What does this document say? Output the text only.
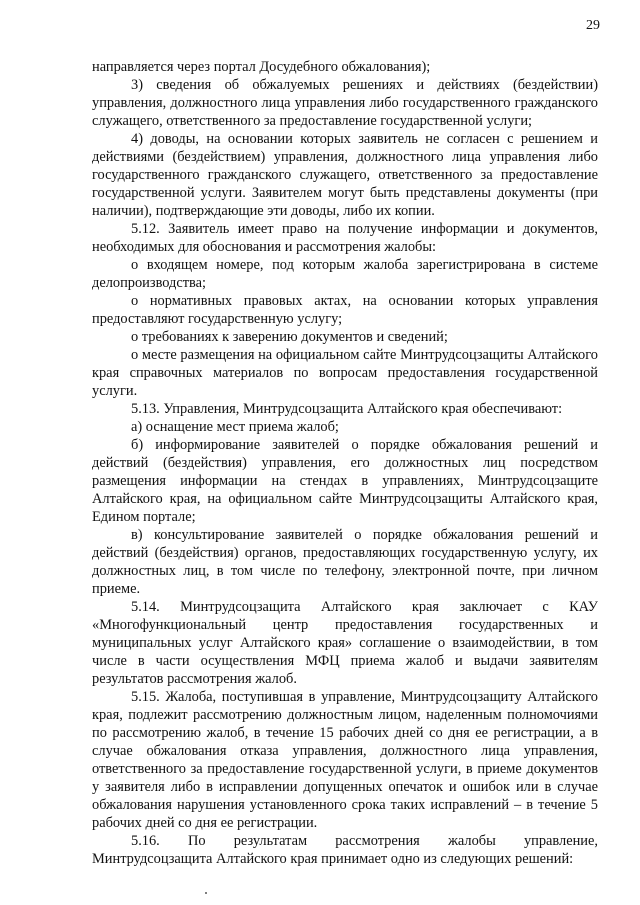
29

направляется через портал Досудебного обжалования);

3) сведения об обжалуемых решениях и действиях (бездействии) управления, должностного лица управления либо государственного гражданского служащего, ответственного за предоставление государственной услуги;

4) доводы, на основании которых заявитель не согласен с решением и действиями (бездействием) управления, должностного лица управления либо государственного гражданского служащего, ответственного за предоставление государственной услуги. Заявителем могут быть представлены документы (при наличии), подтверждающие эти доводы, либо их копии.

5.12. Заявитель имеет право на получение информации и документов, необходимых для обоснования и рассмотрения жалобы:

о входящем номере, под которым жалоба зарегистрирована в системе делопроизводства;

о нормативных правовых актах, на основании которых управления предоставляют государственную услугу;

о требованиях к заверению документов и сведений;

о месте размещения на официальном сайте Минтрудсоцзащиты Алтайского края справочных материалов по вопросам предоставления государственной услуги.

5.13. Управления, Минтрудсоцзащита Алтайского края обеспечивают:

а) оснащение мест приема жалоб;

б) информирование заявителей о порядке обжалования решений и действий (бездействия) управления, его должностных лиц посредством размещения информации на стендах в управлениях, Минтрудсоцзащите Алтайского края, на официальном сайте Минтрудсоцзащиты Алтайского края, Едином портале;

в) консультирование заявителей о порядке обжалования решений и действий (бездействия) органов, предоставляющих государственную услугу, их должностных лиц, в том числе по телефону, электронной почте, при личном приеме.

5.14. Минтрудсоцзащита Алтайского края заключает с КАУ «Многофункциональный центр предоставления государственных и муниципальных услуг Алтайского края» соглашение о взаимодействии, в том числе в части осуществления МФЦ приема жалоб и выдачи заявителям результатов рассмотрения жалоб.

5.15. Жалоба, поступившая в управление, Минтрудсоцзащиту Алтайского края, подлежит рассмотрению должностным лицом, наделенным полномочиями по рассмотрению жалоб, в течение 15 рабочих дней со дня ее регистрации, а в случае обжалования отказа управления, должностного лица управления, ответственного за предоставление государственной услуги, в приеме документов у заявителя либо в исправлении допущенных опечаток и ошибок или в случае обжалования нарушения установленного срока таких исправлений – в течение 5 рабочих дней со дня ее регистрации.

5.16. По результатам рассмотрения жалобы управление, Минтрудсоцзащита Алтайского края принимает одно из следующих решений:
